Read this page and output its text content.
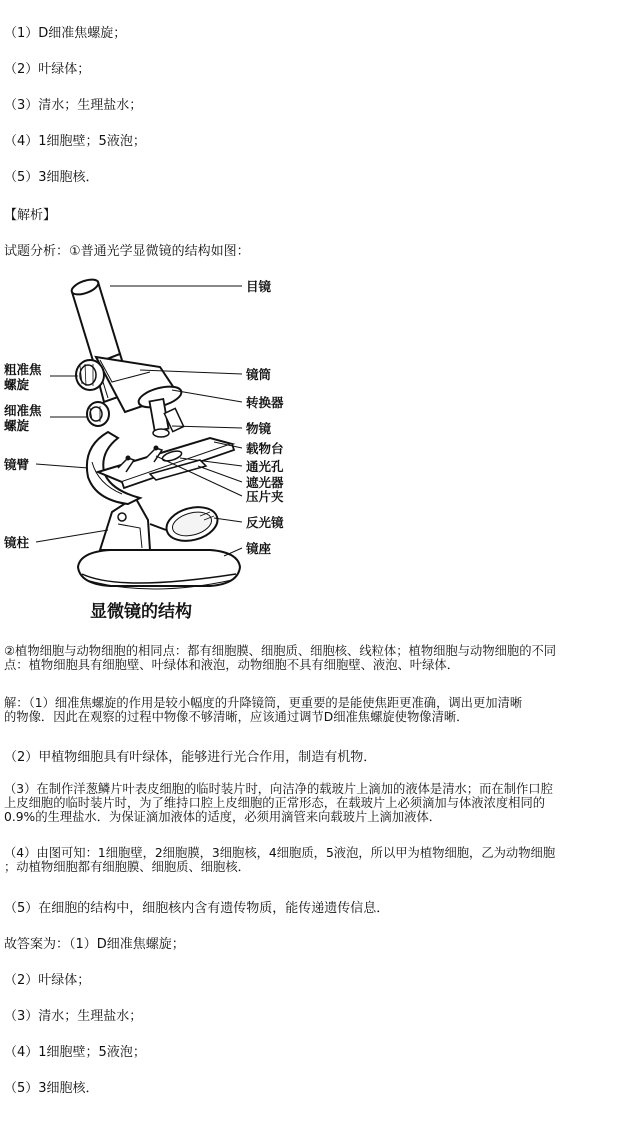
（1）D细准焦螺旋；
（2）叶绿体；
（3）清水；生理盐水；
（4）1细胞壁；5液泡；
（5）3细胞核．
【解析】
试题分析：①普通光学显微镜的结构如图：
目镜
镜筒
转换器
物镜
载物台
通光孔
遮光器
压片夹
反光镜
镜座
粗准焦
螺旋
细准焦
螺旋
镜臂
镜柱
显微镜的结构
②植物细胞与动物细胞的相同点：都有细胞膜、细胞质、细胞核、线粒体；植物细胞与动物细胞的不同
点：植物细胞具有细胞壁、叶绿体和液泡，动物细胞不具有细胞壁、液泡、叶绿体．
解：（1）细准焦螺旋的作用是较小幅度的升降镜筒，更重要的是能使焦距更准确，调出更加清晰
的物像．因此在观察的过程中物像不够清晰，应该通过调节D细准焦螺旋使物像清晰．
（2）甲植物细胞具有叶绿体，能够进行光合作用，制造有机物．
（3）在制作洋葱鳞片叶表皮细胞的临时装片时，向洁净的载玻片上滴加的液体是清水；而在制作口腔
上皮细胞的临时装片时，为了维持口腔上皮细胞的正常形态，在载玻片上必须滴加与体液浓度相同的
0.9%的生理盐水．为保证滴加液体的适度，必须用滴管来向载玻片上滴加液体．
（4）由图可知：1细胞壁，2细胞膜，3细胞核，4细胞质，5液泡，所以甲为植物细胞，乙为动物细胞
；动植物细胞都有细胞膜、细胞质、细胞核．
（5）在细胞的结构中，细胞核内含有遗传物质，能传递遗传信息．
故答案为：（1）D细准焦螺旋；
（2）叶绿体；
（3）清水；生理盐水；
（4）1细胞壁；5液泡；
（5）3细胞核．
